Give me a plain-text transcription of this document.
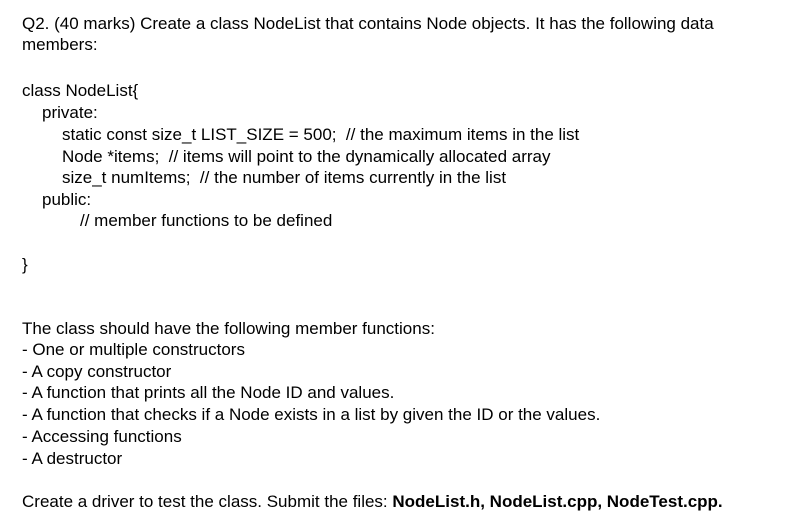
Q2. (40 marks) Create a class NodeList that contains Node objects. It has the following data

members:

class NodeList{

private:

static const size_t LIST_SIZE = 500;  // the maximum items in the list

Node *items;  // items will point to the dynamically allocated array

size_t numItems;  // the number of items currently in the list

public:

// member functions to be defined

}

The class should have the following member functions:

- One or multiple constructors

- A copy constructor

- A function that prints all the Node ID and values.

- A function that checks if a Node exists in a list by given the ID or the values.

- Accessing functions

- A destructor

Create a driver to test the class. Submit the files: NodeList.h, NodeList.cpp, NodeTest.cpp.
